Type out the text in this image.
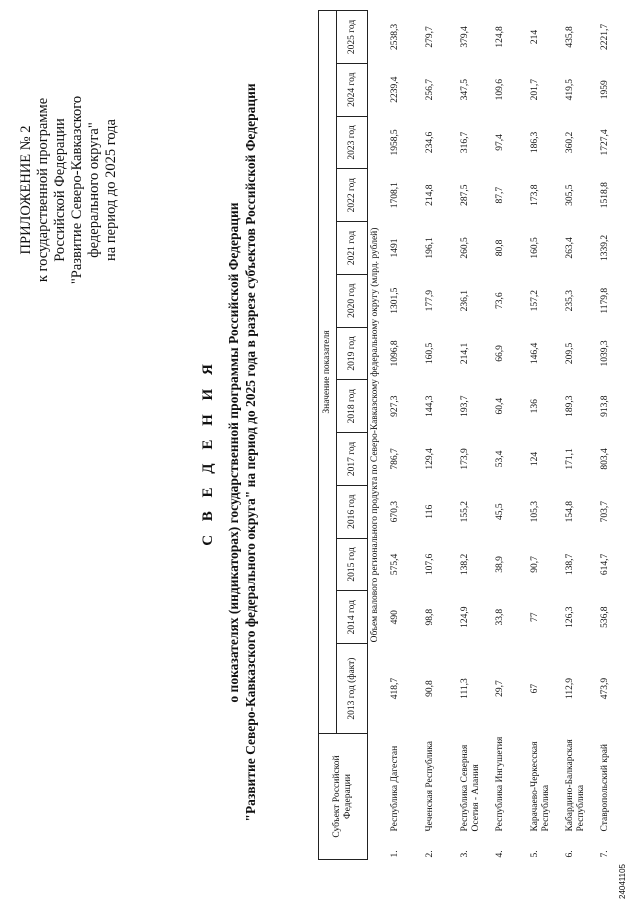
ПРИЛОЖЕНИЕ № 2 к государственной программе Российской Федерации "Развитие Северо-Кавказского федерального округа" на период до 2025 года
С В Е Д Е Н И Я о показателях (индикаторах) государственной программы Российской Федерации "Развитие Северо-Кавказского федерального округа" на период до 2025 года в разрезе субъектов Российской Федерации	Субъект Российской Федерации		Значение показателя												
		2013 год (факт)	2014 год	2015 год	2016 год	2017 год	2018 год	2019 год	2020 год	2021 год	2022 год	2023 год	2024 год	2025 год
Объем валового регионального продукта по Северо-Кавказскому федеральному округу (млрд. рублей)														
1.	Республика Дагестан	418,7	490	575,4	670,3	786,7	927,3	1096,8	1301,5	1491	1708,1	1958,5	2239,4	2538,3
2.	Чеченская Республика	90,8	98,8	107,6	116	129,4	144,3	160,5	177,9	196,1	214,8	234,6	256,7	279,7
3.	Республика Северная Осетия - Алания	111,3	124,9	138,2	155,2	173,9	193,7	214,1	236,1	260,5	287,5	316,7	347,5	379,4
4.	Республика Ингушетия	29,7	33,8	38,9	45,5	53,4	60,4	66,9	73,6	80,8	87,7	97,4	109,6	124,8
5.	Карачаево-Черкесская Республика	67	77	90,7	105,3	124	136	146,4	157,2	160,5	173,8	186,3	201,7	214
6.	Кабардино-Балкарская Республика	112,9	126,3	138,7	154,8	171,1	189,3	209,5	235,3	263,4	305,5	360,2	419,5	435,8
7.	Ставропольский край	473,9	536,8	614,7	703,7	803,4	913,8	1039,3	1179,8	1339,2	1518,8	1727,4	1959	2221,7
24041105
